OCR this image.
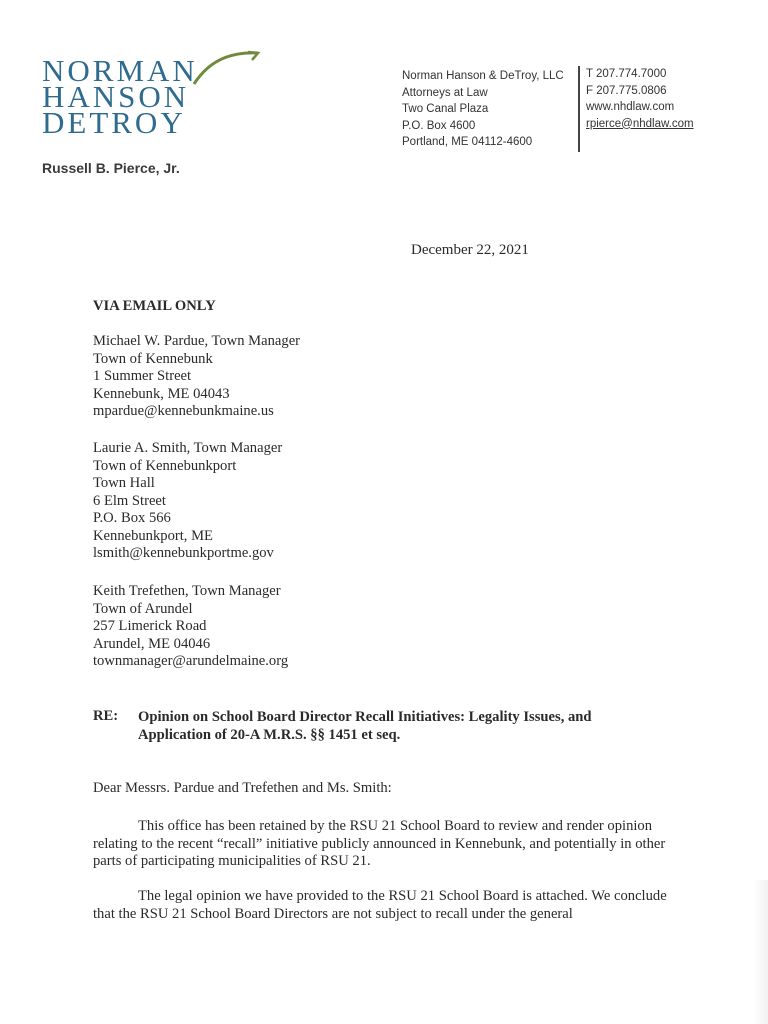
NORMAN
HANSON
DETROY
Russell B. Pierce, Jr.
Norman Hanson & DeTroy, LLC
Attorneys at Law
Two Canal Plaza
P.O. Box 4600
Portland, ME 04112-4600
T 207.774.7000
F 207.775.0806
www.nhdlaw.com
rpierce@nhdlaw.com
December 22, 2021
VIA EMAIL ONLY
Michael W. Pardue, Town Manager
Town of Kennebunk
1 Summer Street
Kennebunk, ME 04043
mpardue@kennebunkmaine.us
Laurie A. Smith, Town Manager
Town of Kennebunkport
Town Hall
6 Elm Street
P.O. Box 566
Kennebunkport, ME
lsmith@kennebunkportme.gov
Keith Trefethen, Town Manager
Town of Arundel
257 Limerick Road
Arundel, ME 04046
townmanager@arundelmaine.org
RE: Opinion on School Board Director Recall Initiatives: Legality Issues, and Application of 20-A M.R.S. §§ 1451 et seq.
Dear Messrs. Pardue and Trefethen and Ms. Smith:
This office has been retained by the RSU 21 School Board to review and render opinion relating to the recent “recall” initiative publicly announced in Kennebunk, and potentially in other parts of participating municipalities of RSU 21.
The legal opinion we have provided to the RSU 21 School Board is attached. We conclude that the RSU 21 School Board Directors are not subject to recall under the general
